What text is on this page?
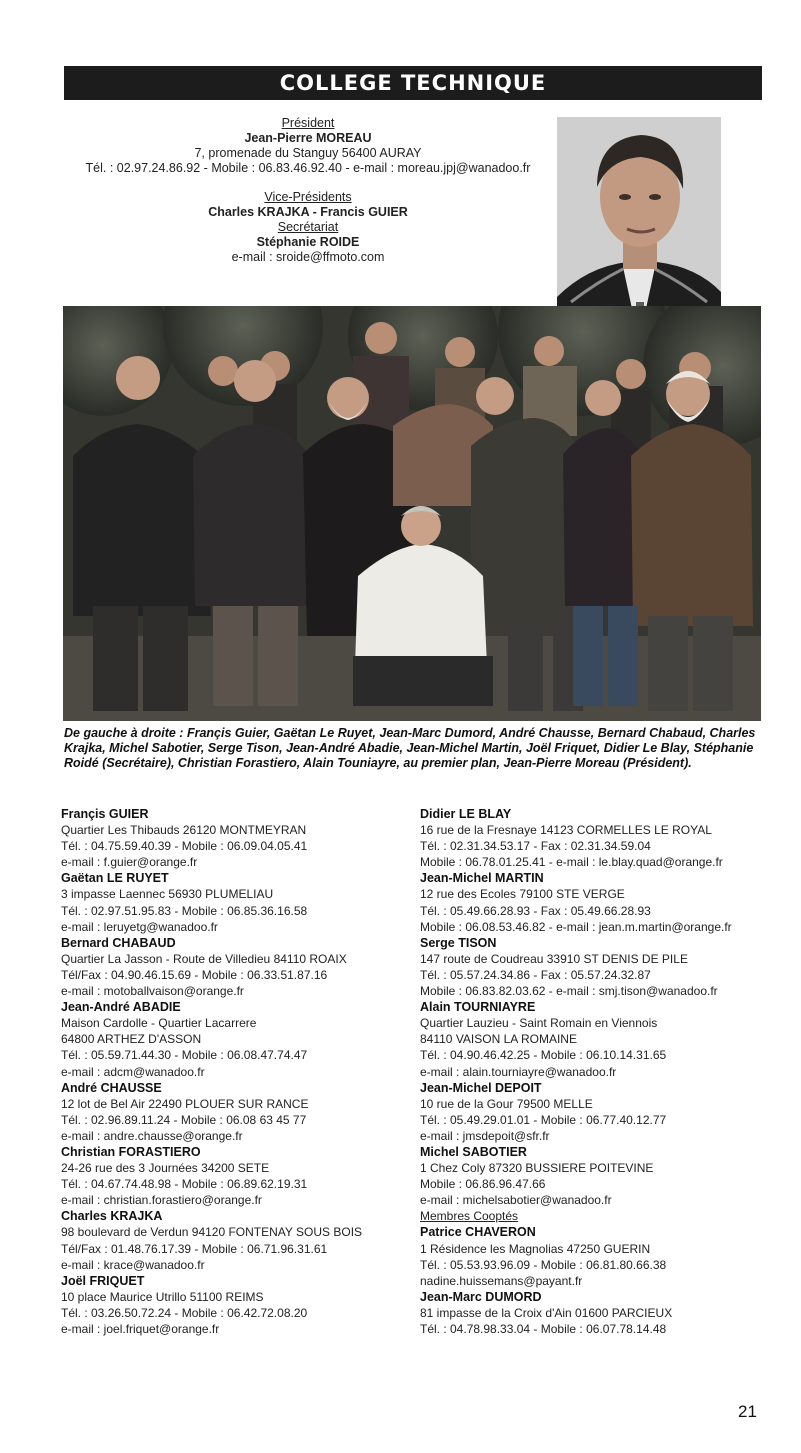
COLLEGE TECHNIQUE
Président
Jean-Pierre MOREAU
7, promenade du Stanguy 56400 AURAY
Tél. : 02.97.24.86.92 - Mobile : 06.83.46.92.40 - e-mail : moreau.jpj@wanadoo.fr
Vice-Présidents
Charles KRAJKA - Francis GUIER
Secrétariat
Stéphanie ROIDE
e-mail : sroide@ffmoto.com
De gauche à droite : Françis Guier, Gaëtan Le Ruyet, Jean-Marc Dumord, André Chausse, Bernard Chabaud, Charles Krajka, Michel Sabotier, Serge Tison, Jean-André Abadie, Jean-Michel Martin, Joël Friquet, Didier Le Blay, Stéphanie Roidé (Secrétaire), Christian Forastiero, Alain Touniayre, au premier plan, Jean-Pierre Moreau (Président).
Françis GUIER
Quartier Les Thibauds 26120 MONTMEYRAN
Tél. : 04.75.59.40.39 - Mobile : 06.09.04.05.41
e-mail : f.guier@orange.fr
Gaëtan LE RUYET
3 impasse Laennec 56930 PLUMELIAU
Tél. : 02.97.51.95.83 - Mobile : 06.85.36.16.58
e-mail : leruyetg@wanadoo.fr
Bernard CHABAUD
Quartier La Jasson - Route de Villedieu 84110 ROAIX
Tél/Fax : 04.90.46.15.69 - Mobile : 06.33.51.87.16
e-mail : motoballvaison@orange.fr
Jean-André ABADIE
Maison Cardolle - Quartier Lacarrere
64800 ARTHEZ D'ASSON
Tél. : 05.59.71.44.30 - Mobile : 06.08.47.74.47
e-mail : adcm@wanadoo.fr
André CHAUSSE
12 lot de Bel Air 22490 PLOUER SUR RANCE
Tél. : 02.96.89.11.24 - Mobile : 06.08 63 45 77
e-mail : andre.chausse@orange.fr
Christian FORASTIERO
24-26 rue des 3 Journées 34200 SETE
Tél. : 04.67.74.48.98 - Mobile : 06.89.62.19.31
e-mail : christian.forastiero@orange.fr
Charles KRAJKA
98 boulevard de Verdun 94120 FONTENAY SOUS BOIS
Tél/Fax : 01.48.76.17.39 - Mobile : 06.71.96.31.61
e-mail : krace@wanadoo.fr
Joël FRIQUET
10 place Maurice Utrillo 51100 REIMS
Tél. : 03.26.50.72.24 - Mobile : 06.42.72.08.20
e-mail : joel.friquet@orange.fr
Didier LE BLAY
16 rue de la Fresnaye 14123 CORMELLES LE ROYAL
Tél. : 02.31.34.53.17 - Fax : 02.31.34.59.04
Mobile : 06.78.01.25.41 - e-mail : le.blay.quad@orange.fr
Jean-Michel MARTIN
12 rue des Ecoles 79100 STE VERGE
Tél. : 05.49.66.28.93 - Fax : 05.49.66.28.93
Mobile : 06.08.53.46.82 - e-mail : jean.m.martin@orange.fr
Serge TISON
147 route de Coudreau 33910 ST DENIS DE PILE
Tél. : 05.57.24.34.86 - Fax : 05.57.24.32.87
Mobile : 06.83.82.03.62 - e-mail : smj.tison@wanadoo.fr
Alain TOURNIAYRE
Quartier Lauzieu - Saint Romain en Viennois
84110 VAISON LA ROMAINE
Tél. : 04.90.46.42.25 - Mobile : 06.10.14.31.65
e-mail : alain.tourniayre@wanadoo.fr
Jean-Michel DEPOIT
10 rue de la Gour 79500 MELLE
Tél. : 05.49.29.01.01 - Mobile : 06.77.40.12.77
e-mail : jmsdepoit@sfr.fr
Michel SABOTIER
1 Chez Coly 87320 BUSSIERE POITEVINE
Mobile : 06.86.96.47.66
e-mail : michelsabotier@wanadoo.fr
Membres Cooptés
Patrice CHAVERON
1 Résidence les Magnolias 47250 GUERIN
Tél. : 05.53.93.96.09 - Mobile : 06.81.80.66.38
nadine.huissemans@payant.fr
Jean-Marc DUMORD
81 impasse de la Croix d'Ain 01600 PARCIEUX
Tél. : 04.78.98.33.04 - Mobile : 06.07.78.14.48
21
